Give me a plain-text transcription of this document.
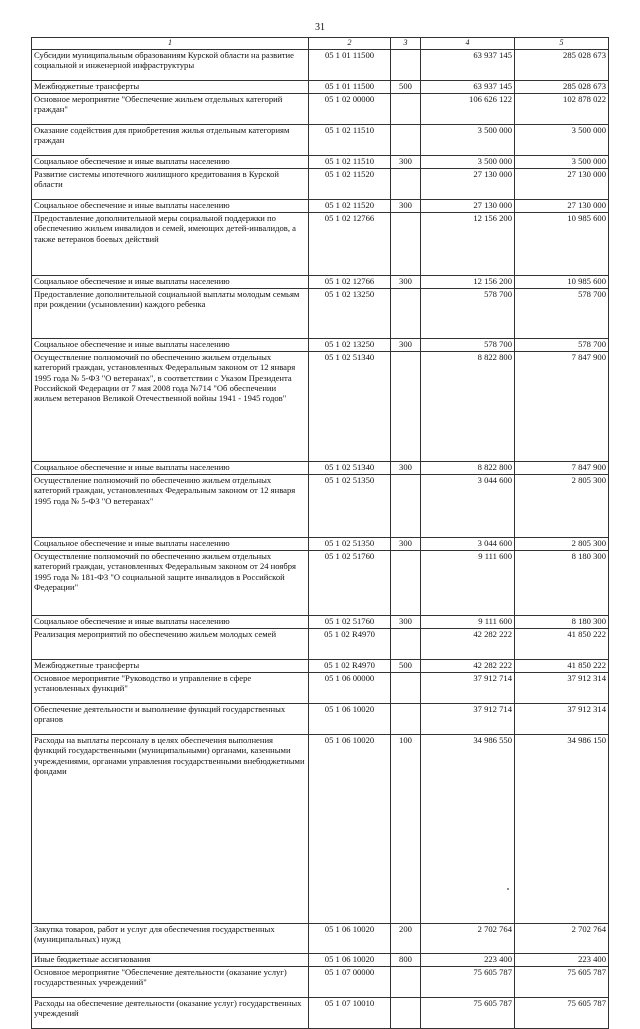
31
1	2	3	4	5
Субсидии муниципальным образованиям Курской области на развитие социальной и инженерной инфраструктуры	05 1 01 11500		63 937 145	285 028 673
Межбюджетные трансферты	05 1 01 11500	500	63 937 145	285 028 673
Основное мероприятие "Обеспечение жильем отдельных категорий граждан"	05 1 02 00000		106 626 122	102 878 022
Оказание содействия для приобретения жилья отдельным категориям граждан	05 1 02 11510		3 500 000	3 500 000
Социальное обеспечение и иные выплаты населению	05 1 02 11510	300	3 500 000	3 500 000
Развитие системы ипотечного жилищного кредитования в Курской области	05 1 02 11520		27 130 000	27 130 000
Социальное обеспечение и иные выплаты населению	05 1 02 11520	300	27 130 000	27 130 000
Предоставление дополнительной меры социальной поддержки по обеспечению жильем инвалидов и семей, имеющих детей-инвалидов, а также ветеранов боевых действий	05 1 02 12766		12 156 200	10 985 600
Социальное обеспечение и иные выплаты населению	05 1 02 12766	300	12 156 200	10 985 600
Предоставление дополнительной социальной выплаты молодым семьям при рождении (усыновлении) каждого ребенка	05 1 02 13250		578 700	578 700
Социальное обеспечение и иные выплаты населению	05 1 02 13250	300	578 700	578 700
Осуществление полномочий по обеспечению жильем отдельных категорий граждан, установленных Федеральным законом от 12 января 1995 года № 5-ФЗ "О ветеранах", в соответствии с Указом Президента Российской Федерации от 7 мая 2008 года №714 "Об обеспечении жильем ветеранов Великой Отечественной войны 1941 - 1945 годов"	05 1 02 51340		8 822 800	7 847 900
Социальное обеспечение и иные выплаты населению	05 1 02 51340	300	8 822 800	7 847 900
Осуществление полномочий по обеспечению жильем отдельных категорий граждан, установленных Федеральным законом от 12 января 1995 года № 5-ФЗ "О ветеранах"	05 1 02 51350		3 044 600	2 805 300
Социальное обеспечение и иные выплаты населению	05 1 02 51350	300	3 044 600	2 805 300
Осуществление полномочий по обеспечению жильем отдельных категорий граждан, установленных Федеральным законом от 24 ноября 1995 года № 181-ФЗ "О социальной защите инвалидов в Российской Федерации"	05 1 02 51760		9 111 600	8 180 300
Социальное обеспечение и иные выплаты населению	05 1 02 51760	300	9 111 600	8 180 300
Реализация мероприятий по обеспечению жильем молодых семей	05 1 02 R4970		42 282 222	41 850 222
Межбюджетные трансферты	05 1 02 R4970	500	42 282 222	41 850 222
Основное мероприятие "Руководство и управление в сфере установленных функций"	05 1 06 00000		37 912 714	37 912 314
Обеспечение деятельности и выполнение функций государственных органов	05 1 06 10020		37 912 714	37 912 314
Расходы на выплаты персоналу в целях обеспечения выполнения функций государственными (муниципальными) органами, казенными учреждениями, органами управления государственными внебюджетными фондами	05 1 06 10020	100	34 986 550	34 986 150
Закупка товаров, работ и услуг для обеспечения государственных (муниципальных) нужд	05 1 06 10020	200	2 702 764	2 702 764
Иные бюджетные ассигнования	05 1 06 10020	800	223 400	223 400
Основное мероприятие "Обеспечение деятельности (оказание услуг) государственных учреждений"	05 1 07 00000		75 605 787	75 605 787
Расходы на обеспечение деятельности (оказание услуг) государственных учреждений	05 1 07 10010		75 605 787	75 605 787
